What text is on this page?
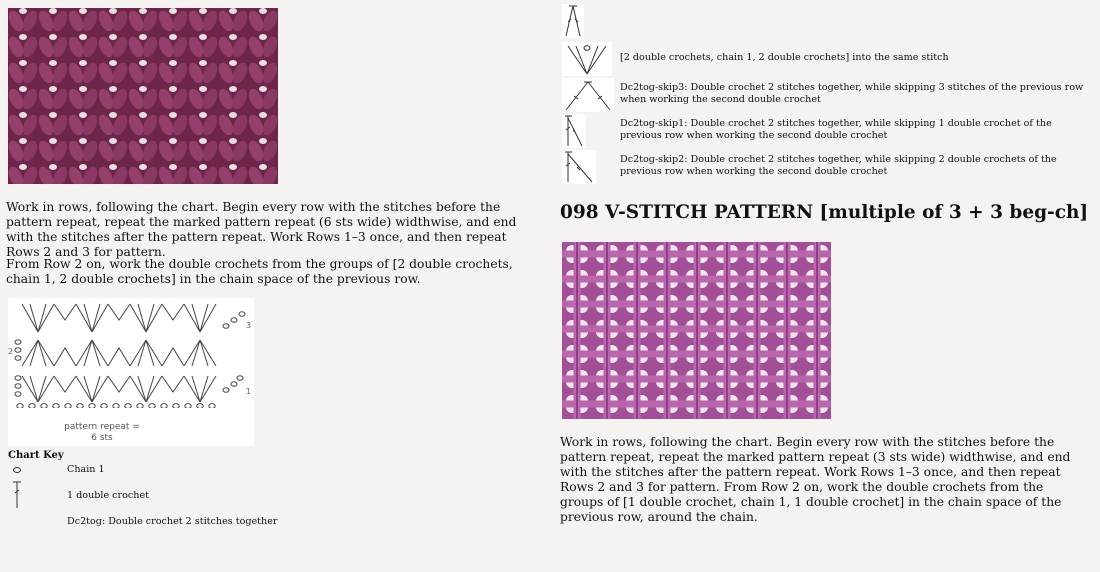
Work in rows, following the chart. Begin every row with the stitches before the pattern repeat, repeat the marked pattern repeat (6 sts wide) widthwise, and end with the stitches after the pattern repeat. Work Rows 1–3 once, and then repeat Rows 2 and 3 for pattern.
From Row 2 on, work the double crochets from the groups of [2 double crochets, chain 1, 2 double crochets] in the chain space of the previous row.
3
2
1
pattern repeat =
6 sts
Chart Key
Chain 1
1 double crochet
Dc2tog: Double crochet 2 stitches together
[2 double crochets, chain 1, 2 double crochets] into the same stitch
Dc2tog-skip3: Double crochet 2 stitches together, while skipping 3 stitches of the previous row when working the second double crochet
Dc2tog-skip1: Double crochet 2 stitches together, while skipping 1 double crochet of the previous row when working the second double crochet
Dc2tog-skip2: Double crochet 2 stitches together, while skipping 2 double crochets of the previous row when working the second double crochet
098 V-STITCH PATTERN [multiple of 3 + 3 beg-ch]
Work in rows, following the chart. Begin every row with the stitches before the pattern repeat, repeat the marked pattern repeat (3 sts wide) widthwise, and end with the stitches after the pattern repeat. Work Rows 1–3 once, and then repeat Rows 2 and 3 for pattern. From Row 2 on, work the double crochets from the groups of [1 double crochet, chain 1, 1 double crochet] in the chain space of the previous row, around the chain.
